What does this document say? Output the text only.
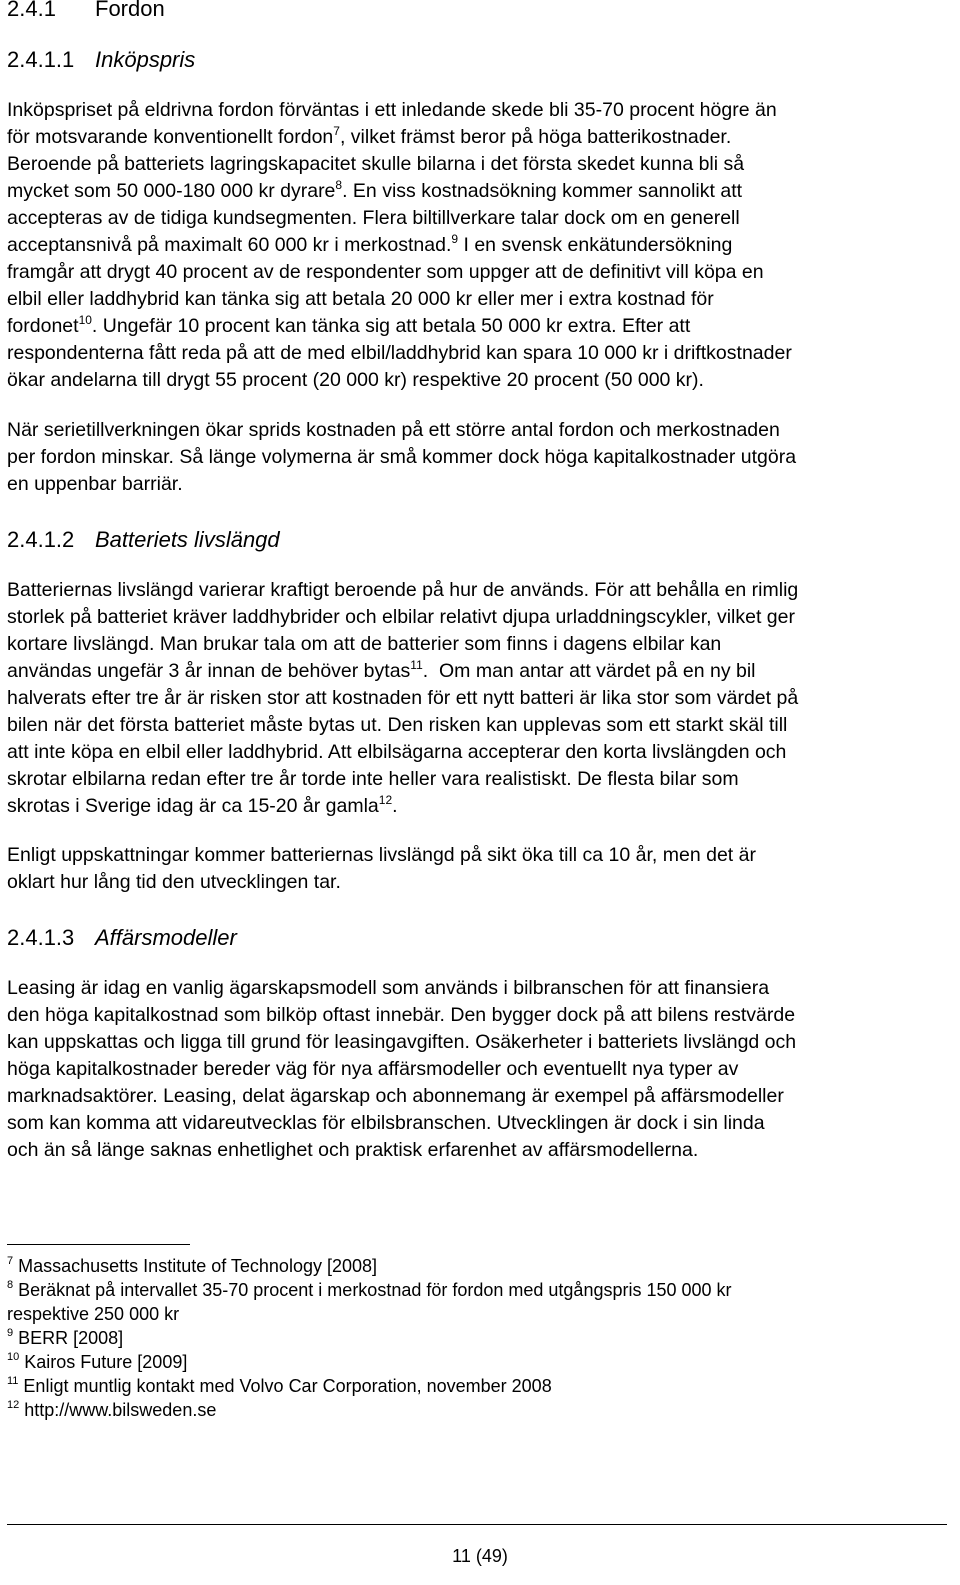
2.4.1 Fordon
2.4.1.1 Inköpspris
Inköpspriset på eldrivna fordon förväntas i ett inledande skede bli 35-70 procent högre än
för motsvarande konventionellt fordon$^7$, vilket främst beror på höga batterikostnader.
Beroende på batteriets lagringskapacitet skulle bilarna i det första skedet kunna bli så
mycket som 50 000-180 000 kr dyrare$^8$. En viss kostnadsökning kommer sannolikt att
accepteras av de tidiga kundsegmenten. Flera biltillverkare talar dock om en generell
acceptansnivå på maximalt 60 000 kr i merkostnad.$^9$ I en svensk enkätundersökning
framgår att drygt 40 procent av de respondenter som uppger att de definitivt vill köpa en
elbil eller laddhybrid kan tänka sig att betala 20 000 kr eller mer i extra kostnad för
fordonet$^{10}$. Ungefär 10 procent kan tänka sig att betala 50 000 kr extra. Efter att
respondenterna fått reda på att de med elbil/laddhybrid kan spara 10 000 kr i driftkostnader
ökar andelarna till drygt 55 procent (20 000 kr) respektive 20 procent (50 000 kr).
När serietillverkningen ökar sprids kostnaden på ett större antal fordon och merkostnaden
per fordon minskar. Så länge volymerna är små kommer dock höga kapitalkostnader utgöra
en uppenbar barriär.
2.4.1.2 Batteriets livslängd
Batteriernas livslängd varierar kraftigt beroende på hur de används. För att behålla en rimlig
storlek på batteriet kräver laddhybrider och elbilar relativt djupa urladdningscykler, vilket ger
kortare livslängd. Man brukar tala om att de batterier som finns i dagens elbilar kan
användas ungefär 3 år innan de behöver bytas$^{11}$.  Om man antar att värdet på en ny bil
halverats efter tre år är risken stor att kostnaden för ett nytt batteri är lika stor som värdet på
bilen när det första batteriet måste bytas ut. Den risken kan upplevas som ett starkt skäl till
att inte köpa en elbil eller laddhybrid. Att elbilsägarna accepterar den korta livslängden och
skrotar elbilarna redan efter tre år torde inte heller vara realistiskt. De flesta bilar som
skrotas i Sverige idag är ca 15-20 år gamla$^{12}$.
Enligt uppskattningar kommer batteriernas livslängd på sikt öka till ca 10 år, men det är
oklart hur lång tid den utvecklingen tar.
2.4.1.3 Affärsmodeller
Leasing är idag en vanlig ägarskapsmodell som används i bilbranschen för att finansiera
den höga kapitalkostnad som bilköp oftast innebär. Den bygger dock på att bilens restvärde
kan uppskattas och ligga till grund för leasingavgiften. Osäkerheter i batteriets livslängd och
höga kapitalkostnader bereder väg för nya affärsmodeller och eventuellt nya typer av
marknadsaktörer. Leasing, delat ägarskap och abonnemang är exempel på affärsmodeller
som kan komma att vidareutvecklas för elbilsbranschen. Utvecklingen är dock i sin linda
och än så länge saknas enhetlighet och praktisk erfarenhet av affärsmodellerna.
$^7$ Massachusetts Institute of Technology [2008]
$^8$ Beräknat på intervallet 35-70 procent i merkostnad för fordon med utgångspris 150 000 kr
respektive 250 000 kr
$^9$ BERR [2008]
$^{10}$ Kairos Future [2009]
$^{11}$ Enligt muntlig kontakt med Volvo Car Corporation, november 2008
$^{12}$ http://www.bilsweden.se
11 (49)
